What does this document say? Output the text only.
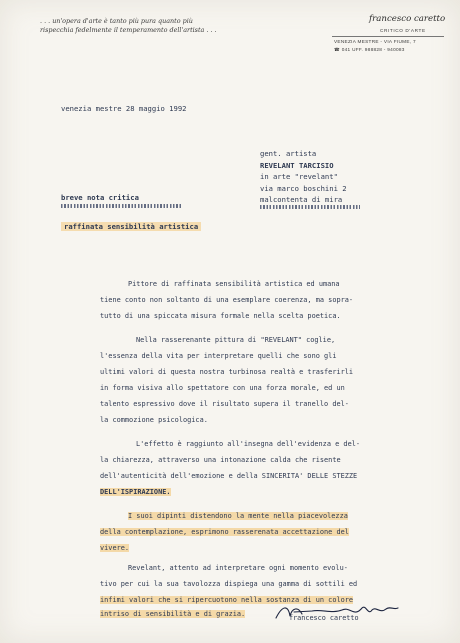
. . . un'opera d'arte è tanto più pura quanto più
rispecchia fedelmente il temperamento dell'artista . . .
francesco caretto
CRITICO D'ARTE
VENEZIA MESTRE - VIA FIUME, 7
☎ 041 UFF. 988828 - 940083
venezia mestre 28 maggio 1992
gent. artista
REVELANT TARCISIO
in arte "revelant"
via marco boschini 2
malcontenta di mira
breve nota critica
raffinata sensibilità artistica
Pittore di raffinata sensibilità artistica ed umana
tiene conto non soltanto di una esemplare coerenza, ma sopra-
tutto di una spiccata misura formale nella scelta poetica.
Nella rasserenante pittura di "REVELANT" coglie,
l'essenza della vita per interpretare quelli che sono gli
ultimi valori di questa nostra turbinosa realtà e trasferirli
in forma visiva allo spettatore con una forza morale, ed un
talento espressivo dove il risultato supera il tranello del-
la commozione psicologica.
L'effetto è raggiunto all'insegna dell'evidenza e del-
la chiarezza, attraverso una intonazione calda che risente
dell'autenticità dell'emozione e della SINCERITA' DELLE STEZZE
DELL'ISPIRAZIONE.
I suoi dipinti distendono la mente nella piacevolezza
della contemplazione, esprimono rasserenata accettazione del
vivere.
Revelant, attento ad interpretare ogni momento evolu-
tivo per cui la sua tavolozza dispiega una gamma di sottili ed
infimi valori che si ripercuotono nella sostanza di un colore
intriso di sensibilità e di grazia.	francesco caretto
